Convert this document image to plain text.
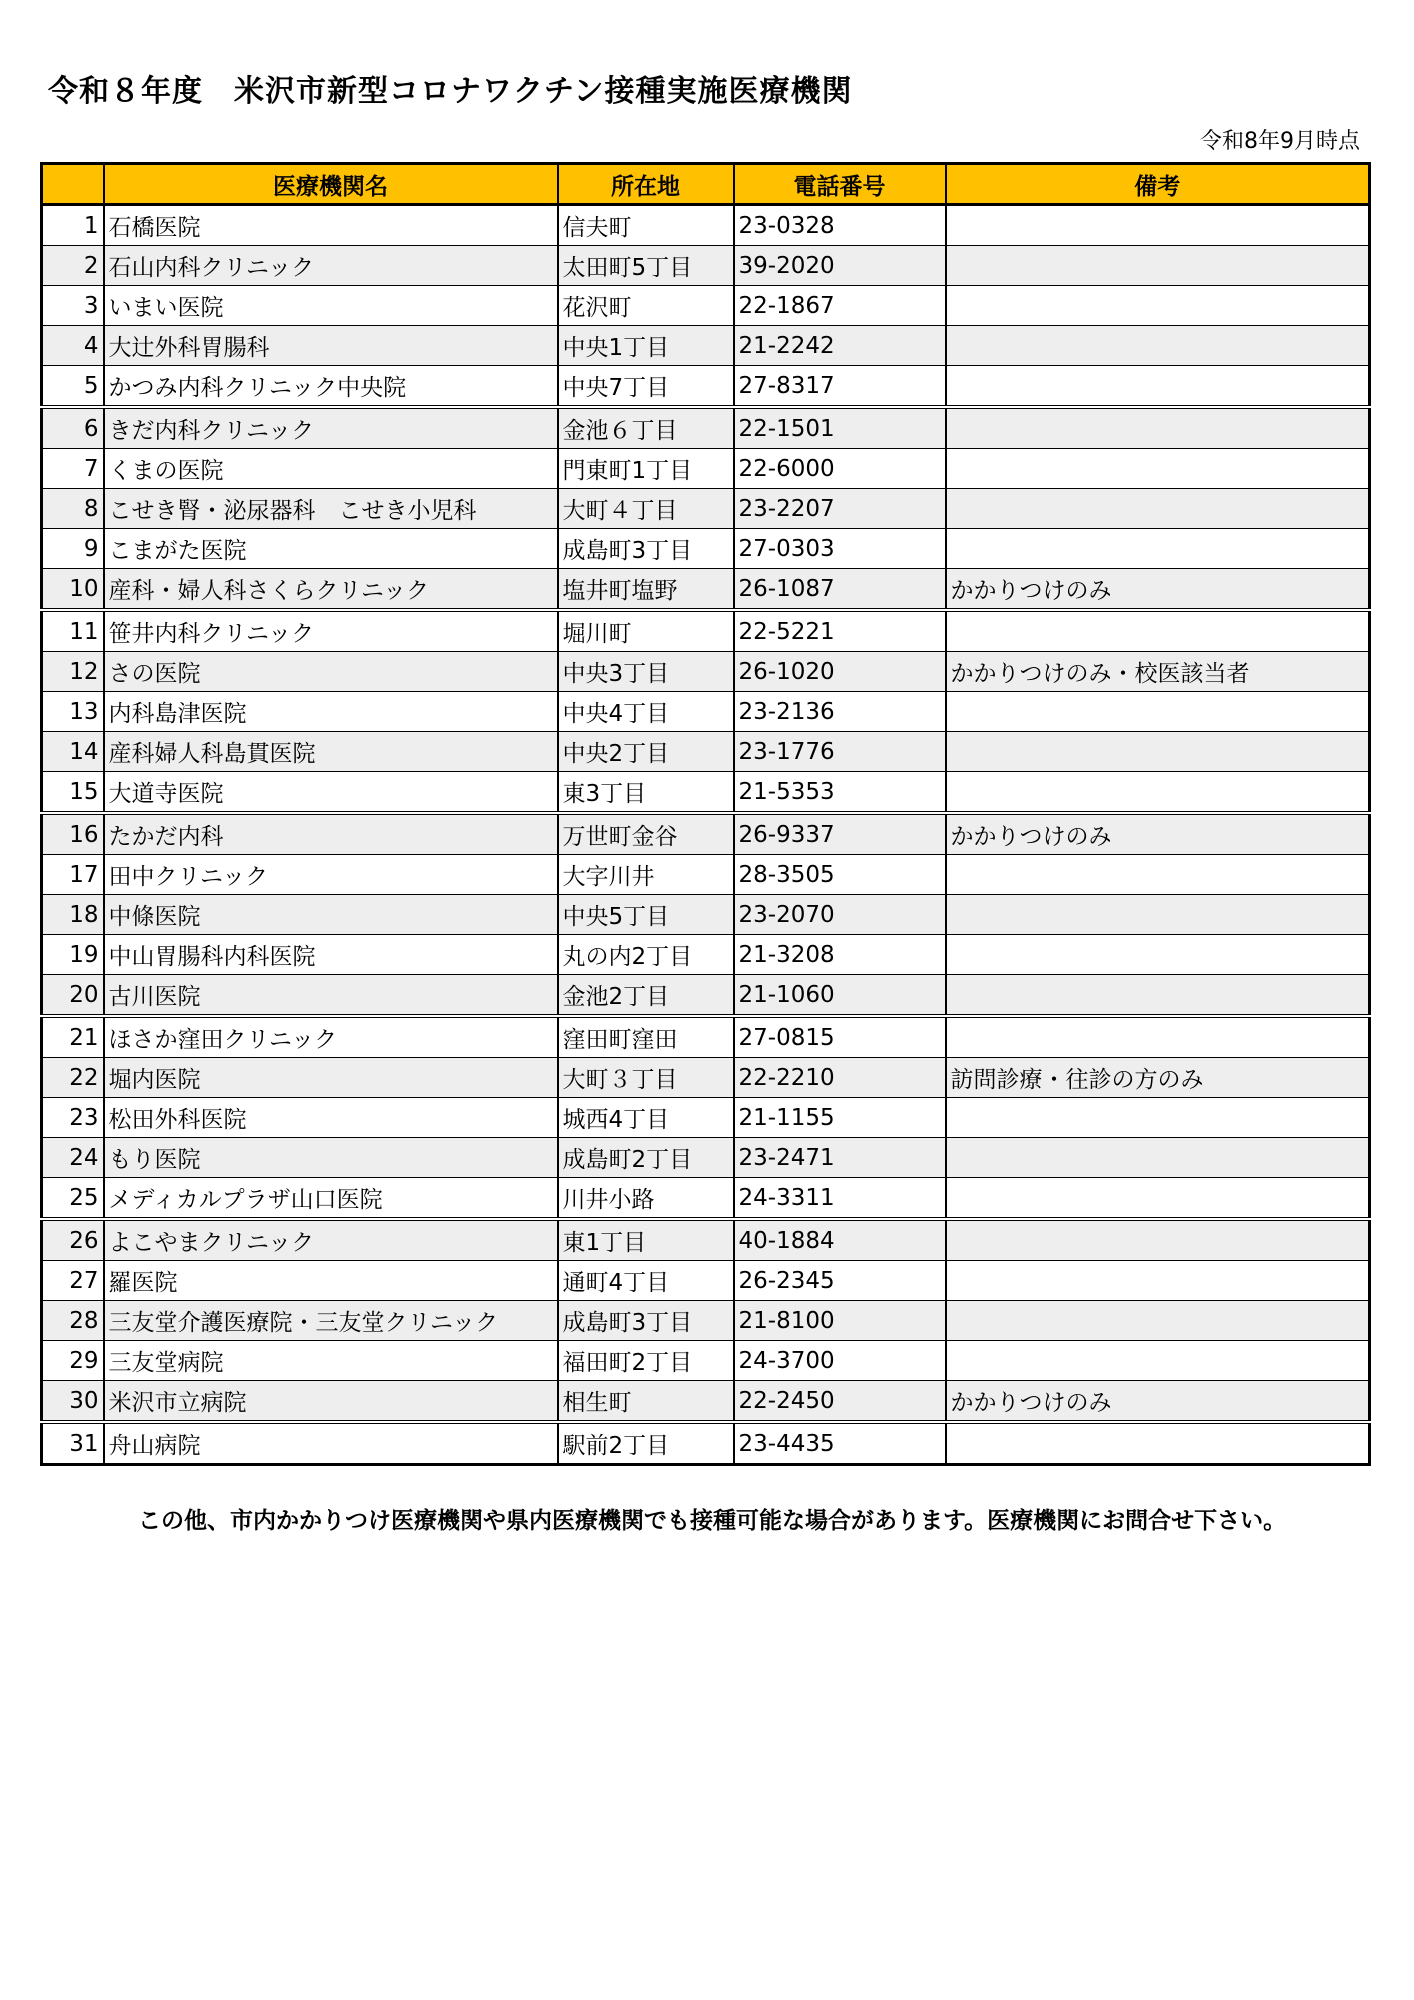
令和８年度　米沢市新型コロナワクチン接種実施医療機関
令和8年9月時点
	医療機関名	所在地	電話番号	備考
1	石橋医院	信夫町	23-0328	
2	石山内科クリニック	太田町5丁目	39-2020	
3	いまい医院	花沢町	22-1867	
4	大辻外科胃腸科	中央1丁目	21-2242	
5	かつみ内科クリニック中央院	中央7丁目	27-8317	
6	きだ内科クリニック	金池６丁目	22-1501	
7	くまの医院	門東町1丁目	22-6000	
8	こせき腎・泌尿器科　こせき小児科	大町４丁目	23-2207	
9	こまがた医院	成島町3丁目	27-0303	
10	産科・婦人科さくらクリニック	塩井町塩野	26-1087	かかりつけのみ
11	笹井内科クリニック	堀川町	22-5221	
12	さの医院	中央3丁目	26-1020	かかりつけのみ・校医該当者
13	内科島津医院	中央4丁目	23-2136	
14	産科婦人科島貫医院	中央2丁目	23-1776	
15	大道寺医院	東3丁目	21-5353	
16	たかだ内科	万世町金谷	26-9337	かかりつけのみ
17	田中クリニック	大字川井	28-3505	
18	中條医院	中央5丁目	23-2070	
19	中山胃腸科内科医院	丸の内2丁目	21-3208	
20	古川医院	金池2丁目	21-1060	
21	ほさか窪田クリニック	窪田町窪田	27-0815	
22	堀内医院	大町３丁目	22-2210	訪問診療・往診の方のみ
23	松田外科医院	城西4丁目	21-1155	
24	もり医院	成島町2丁目	23-2471	
25	メディカルプラザ山口医院	川井小路	24-3311	
26	よこやまクリニック	東1丁目	40-1884	
27	羅医院	通町4丁目	26-2345	
28	三友堂介護医療院・三友堂クリニック	成島町3丁目	21-8100	
29	三友堂病院	福田町2丁目	24-3700	
30	米沢市立病院	相生町	22-2450	かかりつけのみ
31	舟山病院	駅前2丁目	23-4435	
この他、市内かかりつけ医療機関や県内医療機関でも接種可能な場合があります。医療機関にお問合せ下さい。
